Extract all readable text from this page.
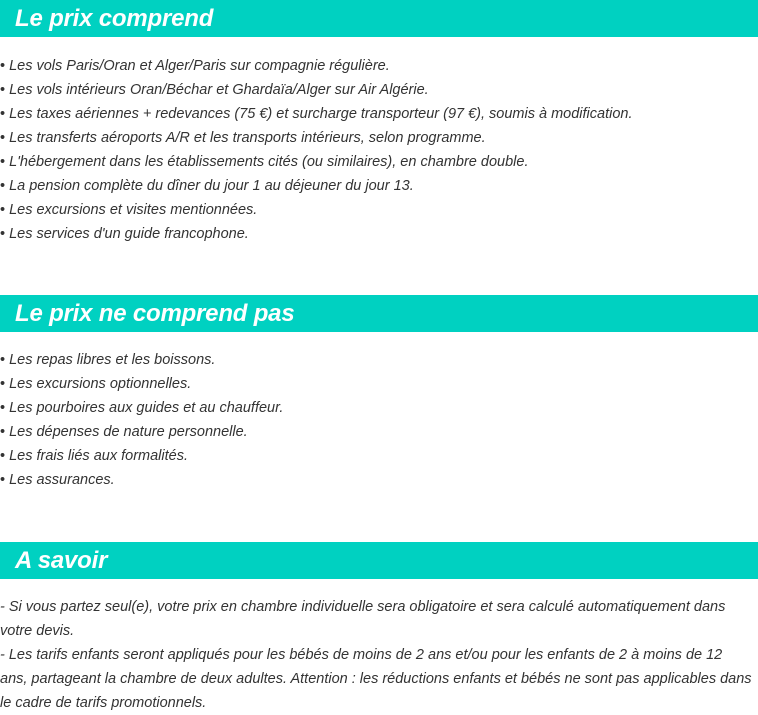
Le prix comprend
• Les vols Paris/Oran et Alger/Paris sur compagnie régulière.
• Les vols intérieurs Oran/Béchar et Ghardaïa/Alger sur Air Algérie.
• Les taxes aériennes + redevances (75 €) et surcharge transporteur (97 €), soumis à modification.
• Les transferts aéroports A/R et les transports intérieurs, selon programme.
• L'hébergement dans les établissements cités (ou similaires), en chambre double.
• La pension complète du dîner du jour 1 au déjeuner du jour 13.
• Les excursions et visites mentionnées.
• Les services d'un guide francophone.
Le prix ne comprend pas
• Les repas libres et les boissons.
• Les excursions optionnelles.
• Les pourboires aux guides et au chauffeur.
• Les dépenses de nature personnelle.
• Les frais liés aux formalités.
• Les assurances.
A savoir

- Si vous partez seul(e), votre prix en chambre individuelle sera obligatoire et sera calculé automatiquement dans votre devis.

- Les tarifs enfants seront appliqués pour les bébés de moins de 2 ans et/ou pour les enfants de 2 à moins de 12 ans, partageant la chambre de deux adultes. Attention : les réductions enfants et bébés ne sont pas applicables dans le cadre de tarifs promotionnels.
